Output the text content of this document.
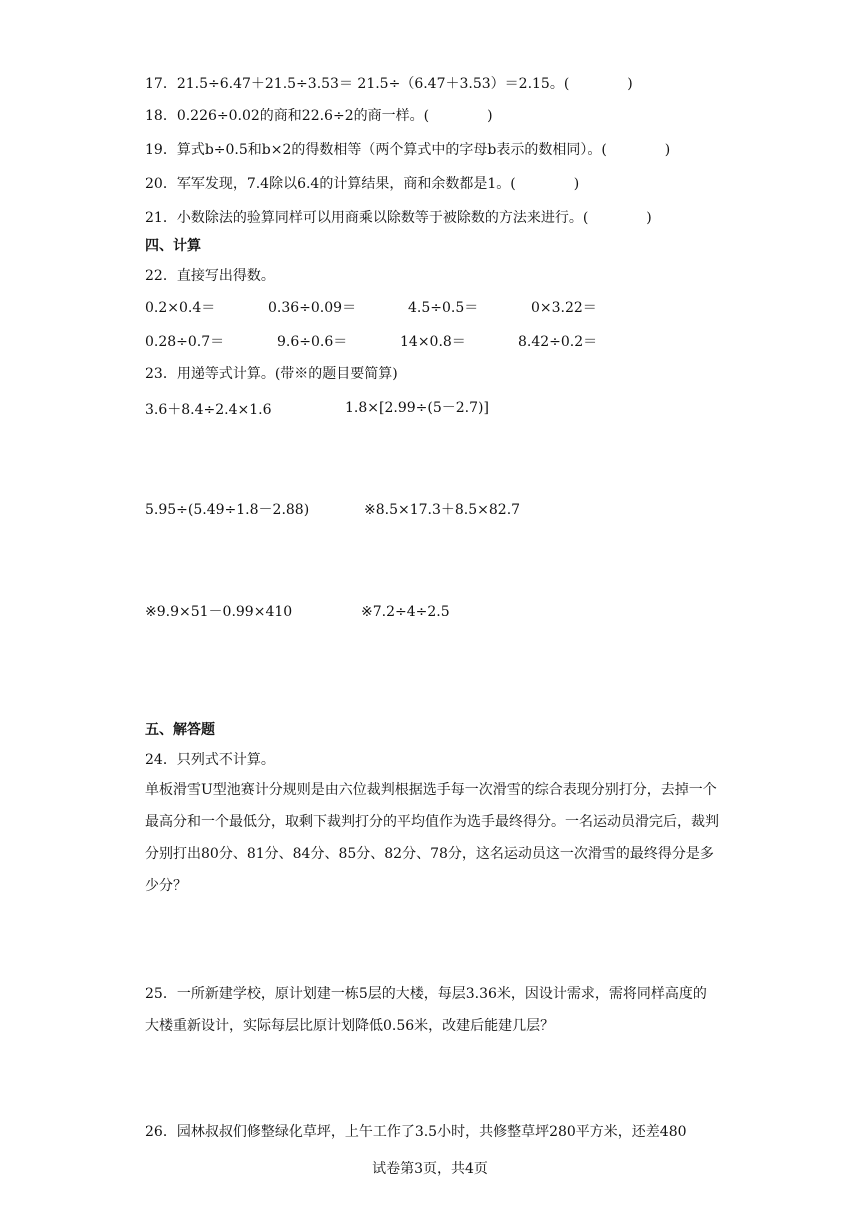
17．21.5÷6.47＋21.5÷3.53＝ 21.5÷（6.47＋3.53）＝2.15。(	)
18．0.226÷0.02的商和22.6÷2的商一样。(	)
19．算式b÷0.5和b×2的得数相等（两个算式中的字母b表示的数相同）。(	)
20．军军发现，7.4除以6.4的计算结果，商和余数都是1。(	)
21．小数除法的验算同样可以用商乘以除数等于被除数的方法来进行。(	)
四、计算
22．直接写出得数。
0.2×0.4＝	0.36÷0.09＝	4.5÷0.5＝	0×3.22＝
0.28÷0.7＝	9.6÷0.6＝	14×0.8＝	8.42÷0.2＝
23．用递等式计算。(带※的题目要简算)
3.6＋8.4÷2.4×1.6	1.8×[2.99÷(5－2.7)]
5.95÷(5.49÷1.8－2.88)	※8.5×17.3＋8.5×82.7
※9.9×51－0.99×410	※7.2÷4÷2.5
五、解答题
24．只列式不计算。
单板滑雪U型池赛计分规则是由六位裁判根据选手每一次滑雪的综合表现分别打分，去掉一个最高分和一个最低分，取剩下裁判打分的平均值作为选手最终得分。一名运动员滑完后，裁判分别打出80分、81分、84分、85分、82分、78分，这名运动员这一次滑雪的最终得分是多少分？
25．一所新建学校，原计划建一栋5层的大楼，每层3.36米，因设计需求，需将同样高度的大楼重新设计，实际每层比原计划降低0.56米，改建后能建几层？
26．园林叔叔们修整绿化草坪，上午工作了3.5小时，共修整草坪280平方米，还差480
试卷第3页，共4页
